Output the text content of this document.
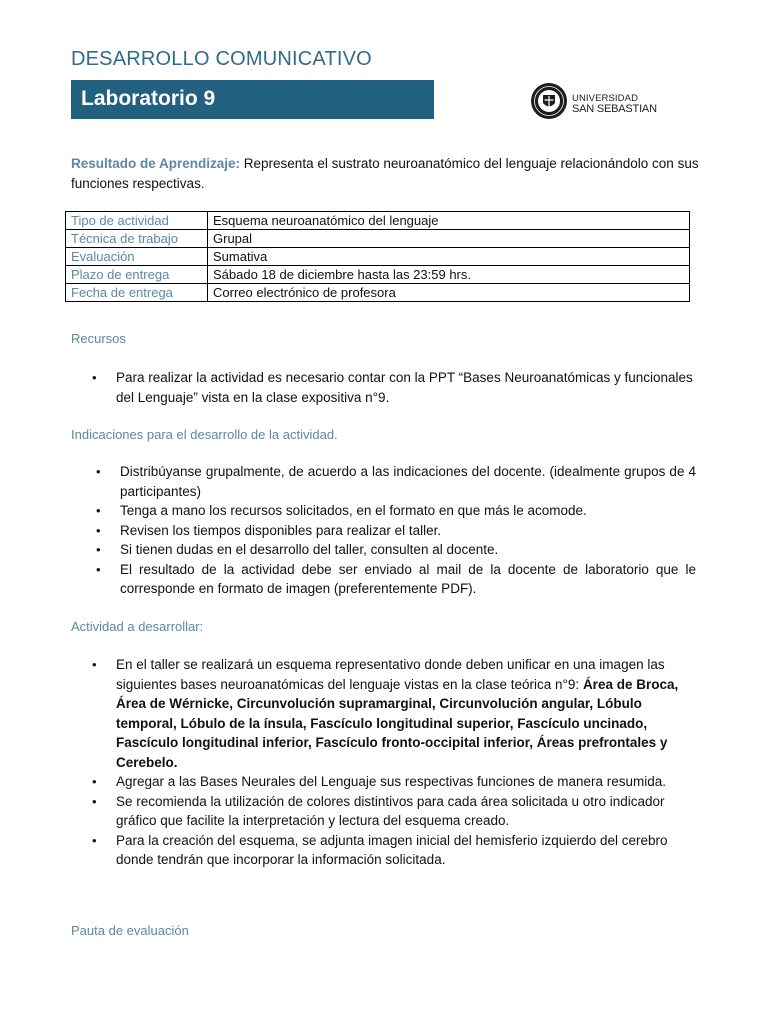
DESARROLLO COMUNICATIVO
Laboratorio 9	UNIVERSIDAD
SAN SEBASTIAN
Resultado de Aprendizaje: Representa el sustrato neuroanatómico del lenguaje relacionándolo con sus funciones respectivas.
Tipo de actividad	Esquema neuroanatómico del lenguaje
Técnica de trabajo	Grupal
Evaluación	Sumativa
Plazo de entrega	Sábado 18 de diciembre hasta las 23:59 hrs.
Fecha de entrega	Correo electrónico de profesora
Recursos
• Para realizar la actividad es necesario contar con la PPT “Bases Neuroanatómicas y funcionales del Lenguaje” vista en la clase expositiva n°9.
Indicaciones para el desarrollo de la actividad.
• Distribúyanse grupalmente, de acuerdo a las indicaciones del docente. (idealmente grupos de 4 participantes)
• Tenga a mano los recursos solicitados, en el formato en que más le acomode.
• Revisen los tiempos disponibles para realizar el taller.
• Si tienen dudas en el desarrollo del taller, consulten al docente.
• El resultado de la actividad debe ser enviado al mail de la docente de laboratorio que le corresponde en formato de imagen (preferentemente PDF).
Actividad a desarrollar:
• En el taller se realizará un esquema representativo donde deben unificar en una imagen las siguientes bases neuroanatómicas del lenguaje vistas en la clase teórica n°9: Área de Broca, Área de Wérnicke, Circunvolución supramarginal, Circunvolución angular, Lóbulo temporal, Lóbulo de la ínsula, Fascículo longitudinal superior, Fascículo uncinado, Fascículo longitudinal inferior, Fascículo fronto-occipital inferior, Áreas prefrontales y Cerebelo.
• Agregar a las Bases Neurales del Lenguaje sus respectivas funciones de manera resumida.
• Se recomienda la utilización de colores distintivos para cada área solicitada u otro indicador gráfico que facilite la interpretación y lectura del esquema creado.
• Para la creación del esquema, se adjunta imagen inicial del hemisferio izquierdo del cerebro donde tendrán que incorporar la información solicitada.
Pauta de evaluación
